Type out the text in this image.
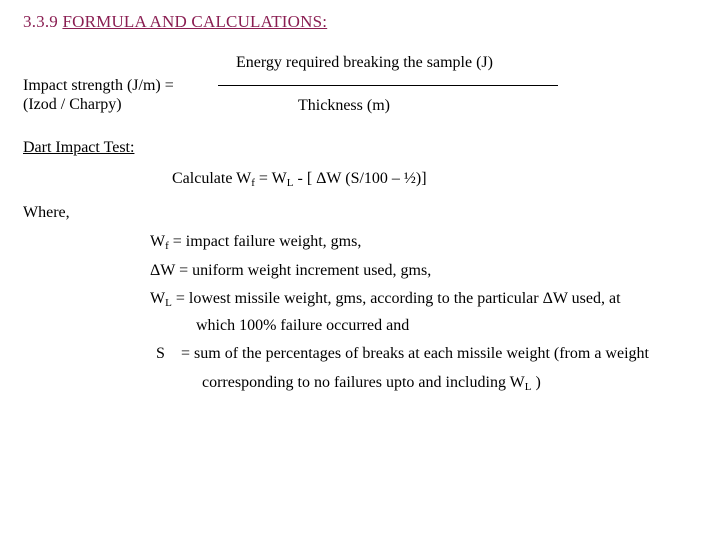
3.3.9 FORMULA AND CALCULATIONS:
Energy required breaking the sample (J)
Impact strength (J/m) =
(Izod / Charpy)	Thickness (m)
Dart Impact Test:
Calculate $W_f = W_L$ - [ ΔW (S/100 – ½)]
Where,
$W_f$ = impact failure weight, gms,
ΔW = uniform weight increment used, gms,
$W_L$ = lowest missile weight, gms, according to the particular ΔW used, at
which 100% failure occurred and
S = sum of the percentages of breaks at each missile weight (from a weight
corresponding to no failures upto and including $W_L$ )
